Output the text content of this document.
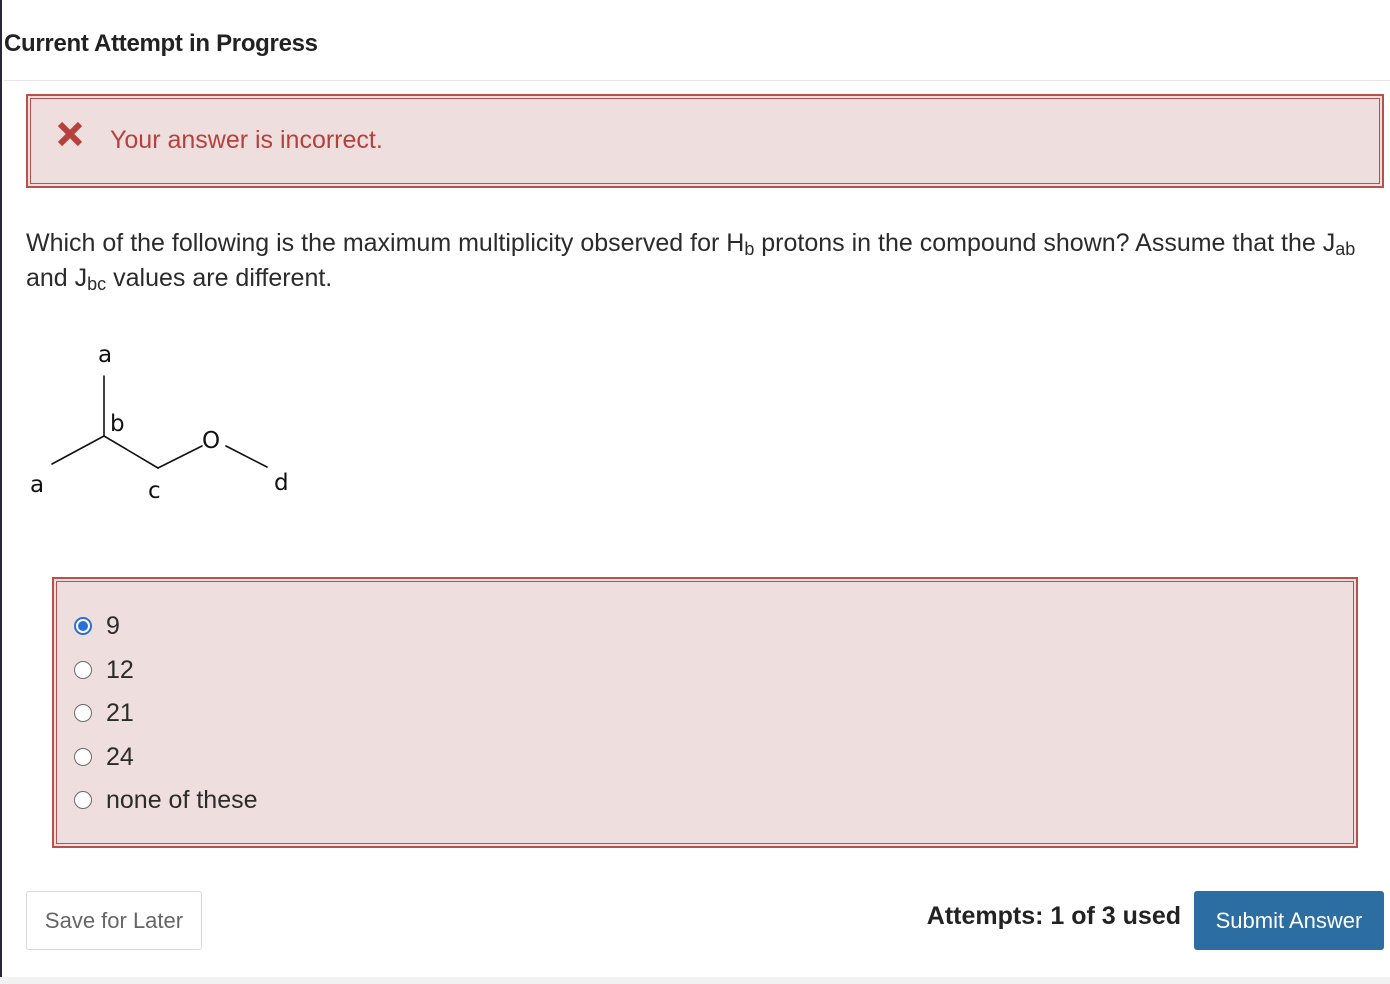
Current Attempt in Progress
Your answer is incorrect.
Which of the following is the maximum multiplicity observed for $H_b$ protons in the compound shown? Assume that the $J_{ab}$
and $J_{bc}$ values are different.
a
b
a	c
O
d
9
12
21
24
none of these
Save for Later	Attempts: 1 of 3 used	Submit Answer
